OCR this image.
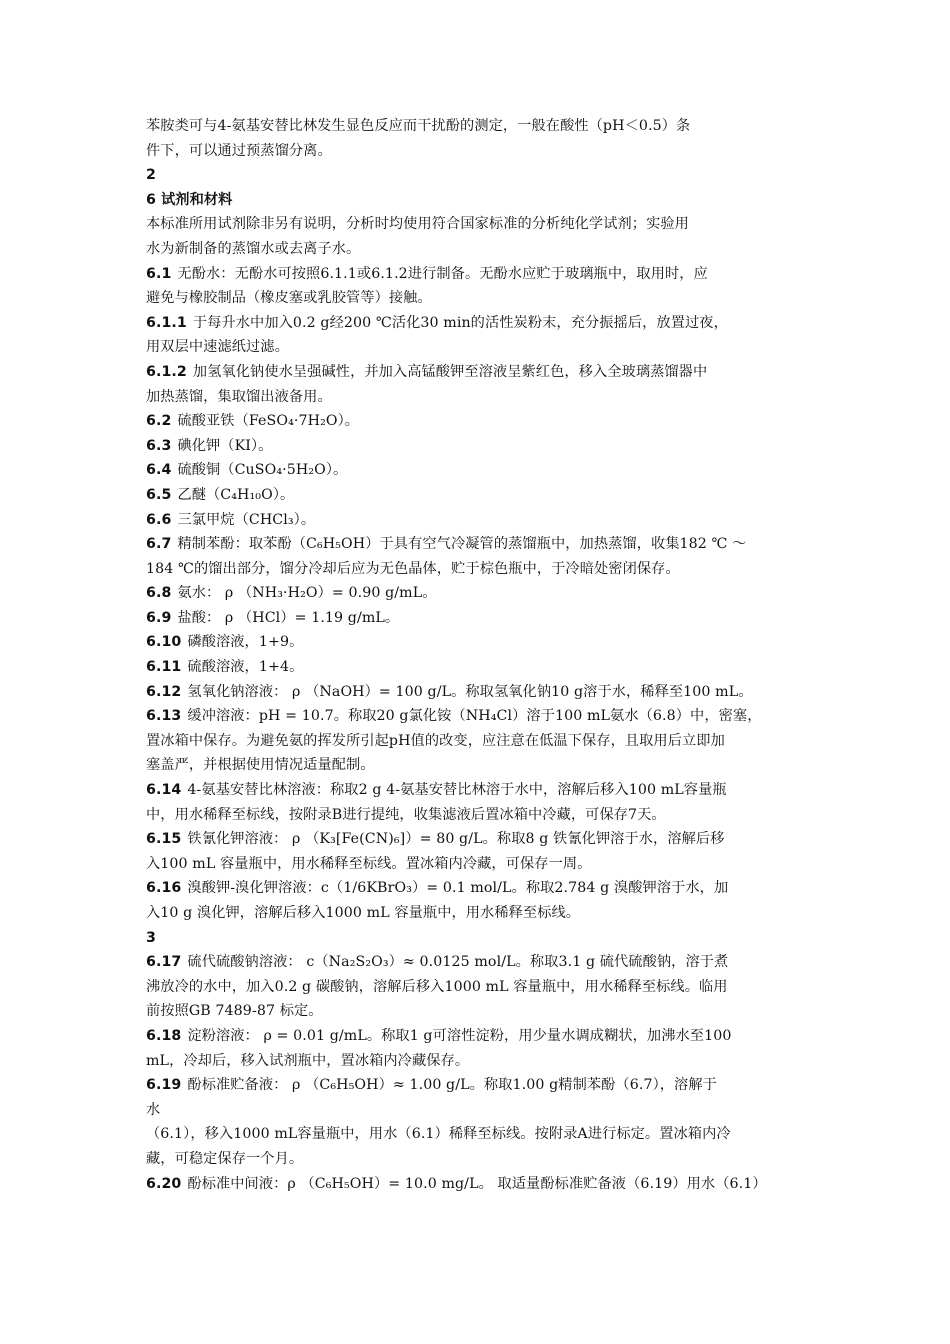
苯胺类可与4-氨基安替比林发生显色反应而干扰酚的测定，一般在酸性（pH＜0.5）条

件下，可以通过预蒸馏分离。

2

6 试剂和材料

本标准所用试剂除非另有说明，分析时均使用符合国家标准的分析纯化学试剂；实验用

水为新制备的蒸馏水或去离子水。

6.1 无酚水：无酚水可按照6.1.1或6.1.2进行制备。无酚水应贮于玻璃瓶中，取用时，应

避免与橡胶制品（橡皮塞或乳胶管等）接触。

6.1.1 于每升水中加入0.2 g经200 ℃活化30 min的活性炭粉末，充分振摇后，放置过夜，

用双层中速滤纸过滤。

6.1.2 加氢氧化钠使水呈强碱性，并加入高锰酸钾至溶液呈紫红色，移入全玻璃蒸馏器中

加热蒸馏，集取馏出液备用。

6.2 硫酸亚铁（FeSO₄·7H₂O）。

6.3 碘化钾（KI）。

6.4 硫酸铜（CuSO₄·5H₂O）。

6.5 乙醚（C₄H₁₀O）。

6.6 三氯甲烷（CHCl₃）。

6.7 精制苯酚：取苯酚（C₆H₅OH）于具有空气冷凝管的蒸馏瓶中，加热蒸馏，收集182 ℃ ～

184 ℃的馏出部分，馏分冷却后应为无色晶体，贮于棕色瓶中，于冷暗处密闭保存。

6.8 氨水： ρ （NH₃·H₂O）= 0.90 g/mL。

6.9 盐酸： ρ （HCl）= 1.19 g/mL。

6.10 磷酸溶液，1+9。

6.11 硫酸溶液，1+4。

6.12 氢氧化钠溶液： ρ （NaOH）= 100 g/L。称取氢氧化钠10 g溶于水，稀释至100 mL。

6.13 缓冲溶液：pH = 10.7。称取20 g氯化铵（NH₄Cl）溶于100 mL氨水（6.8）中，密塞，

置冰箱中保存。为避免氨的挥发所引起pH值的改变，应注意在低温下保存，且取用后立即加

塞盖严，并根据使用情况适量配制。

6.14 4-氨基安替比林溶液：称取2 g 4-氨基安替比林溶于水中，溶解后移入100 mL容量瓶

中，用水稀释至标线，按附录B进行提纯，收集滤液后置冰箱中冷藏，可保存7天。

6.15 铁氰化钾溶液： ρ （K₃[Fe(CN)₆]）= 80 g/L。称取8 g 铁氰化钾溶于水，溶解后移

入100 mL 容量瓶中，用水稀释至标线。置冰箱内冷藏，可保存一周。

6.16 溴酸钾-溴化钾溶液：c（1/6KBrO₃）= 0.1 mol/L。称取2.784 g 溴酸钾溶于水，加

入10 g 溴化钾，溶解后移入1000 mL 容量瓶中，用水稀释至标线。

3

6.17 硫代硫酸钠溶液： c（Na₂S₂O₃）≈ 0.0125 mol/L。称取3.1 g 硫代硫酸钠，溶于煮

沸放冷的水中，加入0.2 g 碳酸钠，溶解后移入1000 mL 容量瓶中，用水稀释至标线。临用

前按照GB 7489-87 标定。

6.18 淀粉溶液： ρ = 0.01 g/mL。称取1 g可溶性淀粉，用少量水调成糊状，加沸水至100

mL，冷却后，移入试剂瓶中，置冰箱内冷藏保存。

6.19 酚标准贮备液： ρ （C₆H₅OH）≈ 1.00 g/L。称取1.00 g精制苯酚（6.7），溶解于

水

（6.1），移入1000 mL容量瓶中，用水（6.1）稀释至标线。按附录A进行标定。置冰箱内冷

藏，可稳定保存一个月。

6.20 酚标准中间液：ρ （C₆H₅OH）= 10.0 mg/L。 取适量酚标准贮备液（6.19）用水（6.1）
